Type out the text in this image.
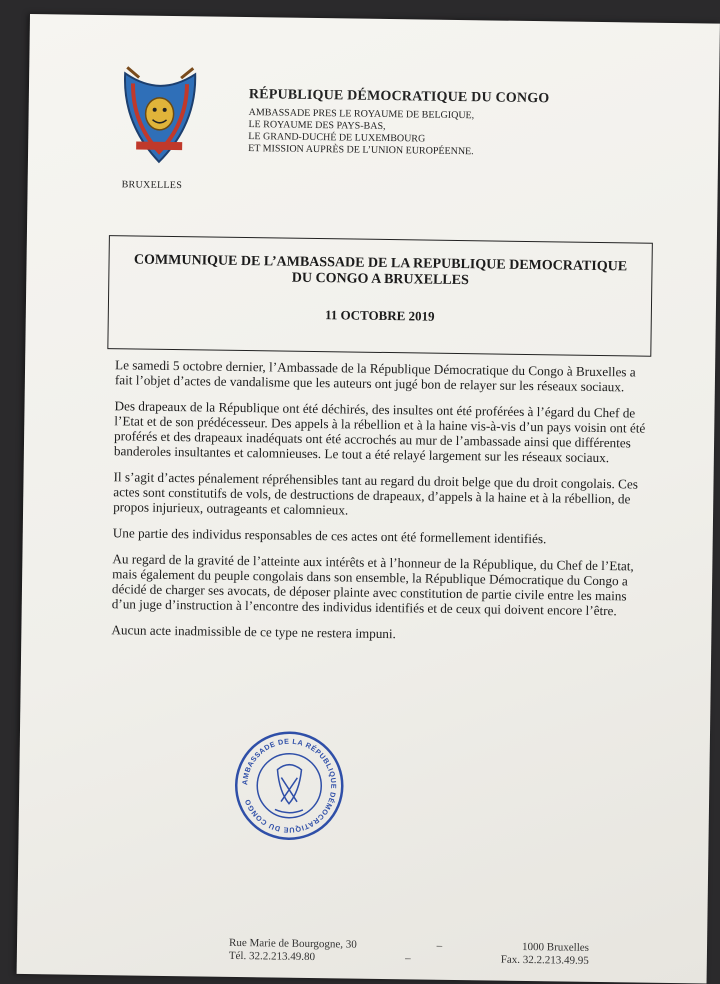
BRUXELLES
RÉPUBLIQUE DÉMOCRATIQUE DU CONGO
AMBASSADE PRES LE ROYAUME DE BELGIQUE,
LE ROYAUME DES PAYS-BAS,
LE GRAND-DUCHÉ DE LUXEMBOURG
ET MISSION AUPRÈS DE L’UNION EUROPÉENNE.
COMMUNIQUE DE L’AMBASSADE DE LA REPUBLIQUE DEMOCRATIQUE DU CONGO A BRUXELLES
11 OCTOBRE 2019

Le samedi 5 octobre dernier, l’Ambassade de la République Démocratique du Congo à Bruxelles a fait l’objet d’actes de vandalisme que les auteurs ont jugé bon de relayer sur les réseaux sociaux.

Des drapeaux de la République ont été déchirés, des insultes ont été proférées à l’égard du Chef de l’Etat et de son prédécesseur. Des appels à la rébellion et à la haine vis-à-vis d’un pays voisin ont été proférés et des drapeaux inadéquats ont été accrochés au mur de l’ambassade ainsi que différentes banderoles insultantes et calomnieuses. Le tout a été relayé largement sur les réseaux sociaux.

Il s’agit d’actes pénalement répréhensibles tant au regard du droit belge que du droit congolais. Ces actes sont constitutifs de vols, de destructions de drapeaux, d’appels à la haine et à la rébellion, de propos injurieux, outrageants et calomnieux.

Une partie des individus responsables de ces actes ont été formellement identifiés.

Au regard de la gravité de l’atteinte aux intérêts et à l’honneur de la République, du Chef de l’Etat, mais également du peuple congolais dans son ensemble, la République Démocratique du Congo a décidé de charger ses avocats, de déposer plainte avec constitution de partie civile entre les mains d’un juge d’instruction à l’encontre des individus identifiés et de ceux qui doivent encore l’être.

Aucun acte inadmissible de ce type ne restera impuni.

AMBASSADE DE LA RÉPUBLIQUE DÉMOCRATIQUE DU CONGO
Rue Marie de Bourgogne, 30	–	1000 Bruxelles
Tél. 32.2.213.49.80	–	Fax. 32.2.213.49.95
